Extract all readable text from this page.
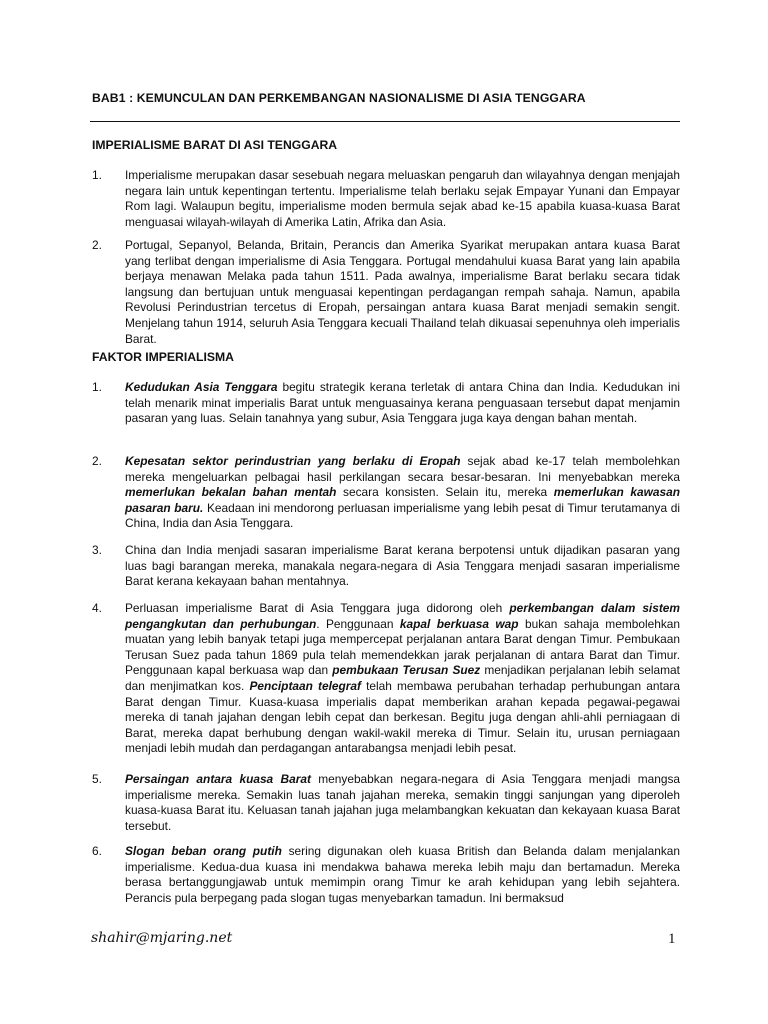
BAB1 : KEMUNCULAN DAN PERKEMBANGAN NASIONALISME DI ASIA TENGGARA
IMPERIALISME BARAT DI ASI TENGGARA
1.	Imperialisme merupakan dasar sesebuah negara meluaskan pengaruh dan wilayahnya dengan menjajah negara lain untuk kepentingan tertentu. Imperialisme telah berlaku sejak Empayar Yunani dan Empayar Rom lagi. Walaupun begitu, imperialisme moden bermula sejak abad ke-15 apabila kuasa-kuasa Barat menguasai wilayah-wilayah di Amerika Latin, Afrika dan Asia.
2.	Portugal, Sepanyol, Belanda, Britain, Perancis dan Amerika Syarikat merupakan antara kuasa Barat yang terlibat dengan imperialisme di Asia Tenggara. Portugal mendahului kuasa Barat yang lain apabila berjaya menawan Melaka pada tahun 1511. Pada awalnya, imperialisme Barat berlaku secara tidak langsung dan bertujuan untuk menguasai kepentingan perdagangan rempah sahaja. Namun, apabila Revolusi Perindustrian tercetus di Eropah, persaingan antara kuasa Barat menjadi semakin sengit. Menjelang tahun 1914, seluruh Asia Tenggara kecuali Thailand telah dikuasai sepenuhnya oleh imperialis Barat.
FAKTOR IMPERIALISMA
1.	Kedudukan Asia Tenggara begitu strategik kerana terletak di antara China dan India. Kedudukan ini telah menarik minat imperialis Barat untuk menguasainya kerana penguasaan tersebut dapat menjamin pasaran yang luas. Selain tanahnya yang subur, Asia Tenggara juga kaya dengan bahan mentah.
2.	Kepesatan sektor perindustrian yang berlaku di Eropah sejak abad ke-17 telah membolehkan mereka mengeluarkan pelbagai hasil perkilangan secara besar-besaran. Ini menyebabkan mereka memerlukan bekalan bahan mentah secara konsisten. Selain itu, mereka memerlukan kawasan pasaran baru. Keadaan ini mendorong perluasan imperialisme yang lebih pesat di Timur terutamanya di China, India dan Asia Tenggara.
3.	China dan India menjadi sasaran imperialisme Barat kerana berpotensi untuk dijadikan pasaran yang luas bagi barangan mereka, manakala negara-negara di Asia Tenggara menjadi sasaran imperialisme Barat kerana kekayaan bahan mentahnya.
4.	Perluasan imperialisme Barat di Asia Tenggara juga didorong oleh perkembangan dalam sistem pengangkutan dan perhubungan. Penggunaan kapal berkuasa wap bukan sahaja membolehkan muatan yang lebih banyak tetapi juga mempercepat perjalanan antara Barat dengan Timur. Pembukaan Terusan Suez pada tahun 1869 pula telah memendekkan jarak perjalanan di antara Barat dan Timur. Penggunaan kapal berkuasa wap dan pembukaan Terusan Suez menjadikan perjalanan lebih selamat dan menjimatkan kos. Penciptaan telegraf telah membawa perubahan terhadap perhubungan antara Barat dengan Timur. Kuasa-kuasa imperialis dapat memberikan arahan kepada pegawai-pegawai mereka di tanah jajahan dengan lebih cepat dan berkesan. Begitu juga dengan ahli-ahli perniagaan di Barat, mereka dapat berhubung dengan wakil-wakil mereka di Timur. Selain itu, urusan perniagaan menjadi lebih mudah dan perdagangan antarabangsa menjadi lebih pesat.
5.	Persaingan antara kuasa Barat menyebabkan negara-negara di Asia Tenggara menjadi mangsa imperialisme mereka. Semakin luas tanah jajahan mereka, semakin tinggi sanjungan yang diperoleh kuasa-kuasa Barat itu. Keluasan tanah jajahan juga melambangkan kekuatan dan kekayaan kuasa Barat tersebut.
6.	Slogan beban orang putih sering digunakan oleh kuasa British dan Belanda dalam menjalankan imperialisme. Kedua-dua kuasa ini mendakwa bahawa mereka lebih maju dan bertamadun. Mereka berasa bertanggungjawab untuk memimpin orang Timur ke arah kehidupan yang lebih sejahtera. Perancis pula berpegang pada slogan tugas menyebarkan tamadun. Ini bermaksud
shahir@mjaring.net	1
